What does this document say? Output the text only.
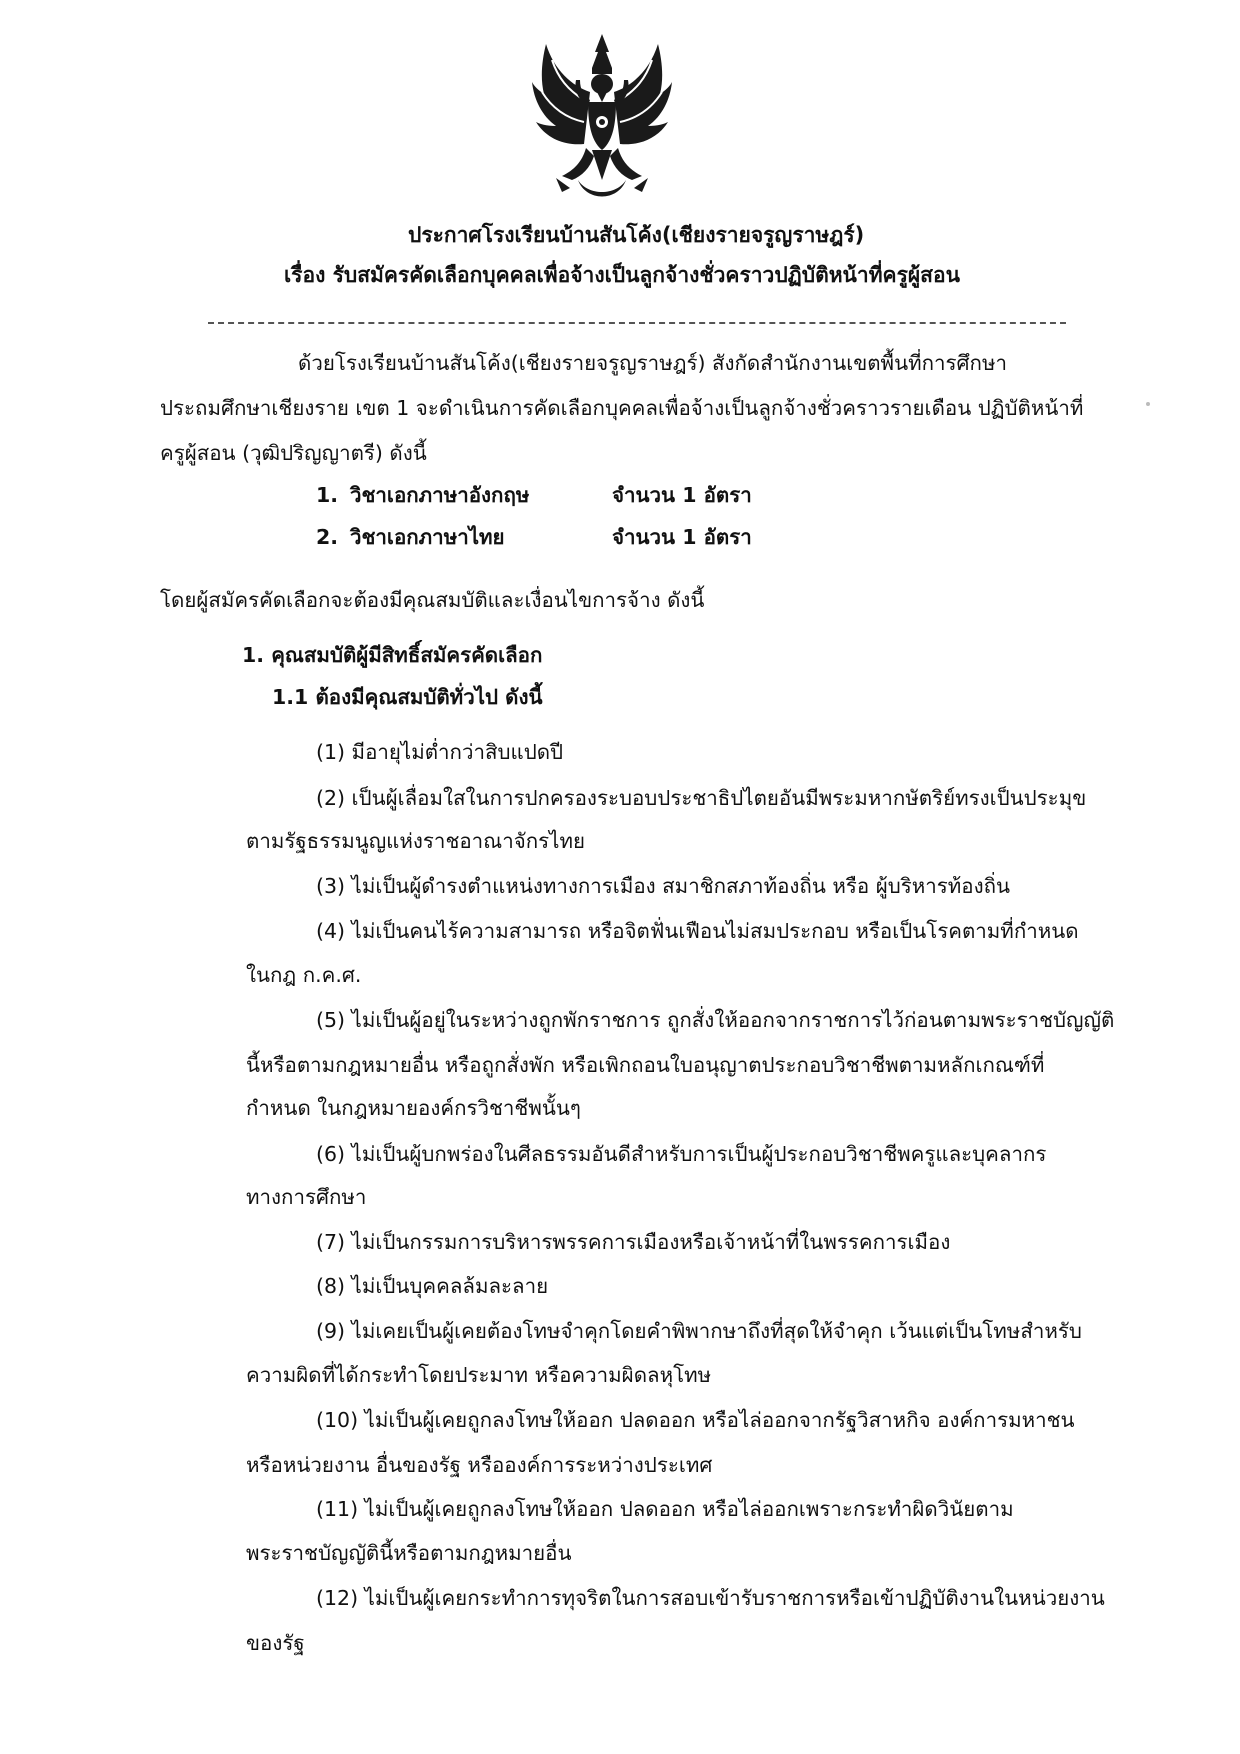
ประกาศโรงเรียนบ้านสันโค้ง(เชียงรายจรูญราษฎร์)
เรื่อง รับสมัครคัดเลือกบุคคลเพื่อจ้างเป็นลูกจ้างชั่วคราวปฏิบัติหน้าที่ครูผู้สอน
ด้วยโรงเรียนบ้านสันโค้ง(เชียงรายจรูญราษฎร์) สังกัดสำนักงานเขตพื้นที่การศึกษา
ประถมศึกษาเชียงราย เขต 1 จะดำเนินการคัดเลือกบุคคลเพื่อจ้างเป็นลูกจ้างชั่วคราวรายเดือน ปฏิบัติหน้าที่
ครูผู้สอน (วุฒิปริญญาตรี) ดังนี้
1. วิชาเอกภาษาอังกฤษ	จำนวน 1 อัตรา
2. วิชาเอกภาษาไทย	จำนวน 1 อัตรา
โดยผู้สมัครคัดเลือกจะต้องมีคุณสมบัติและเงื่อนไขการจ้าง ดังนี้
1. คุณสมบัติผู้มีสิทธิ์สมัครคัดเลือก
1.1 ต้องมีคุณสมบัติทั่วไป ดังนี้
(1) มีอายุไม่ต่ำกว่าสิบแปดปี
(2) เป็นผู้เลื่อมใสในการปกครองระบอบประชาธิปไตยอันมีพระมหากษัตริย์ทรงเป็นประมุข
ตามรัฐธรรมนูญแห่งราชอาณาจักรไทย
(3) ไม่เป็นผู้ดำรงตำแหน่งทางการเมือง สมาชิกสภาท้องถิ่น หรือ ผู้บริหารท้องถิ่น
(4) ไม่เป็นคนไร้ความสามารถ หรือจิตฟั่นเฟือนไม่สมประกอบ หรือเป็นโรคตามที่กำหนด
ในกฎ ก.ค.ศ.
(5) ไม่เป็นผู้อยู่ในระหว่างถูกพักราชการ ถูกสั่งให้ออกจากราชการไว้ก่อนตามพระราชบัญญัติ
นี้หรือตามกฎหมายอื่น หรือถูกสั่งพัก หรือเพิกถอนใบอนุญาตประกอบวิชาชีพตามหลักเกณฑ์ที่
กำหนด ในกฎหมายองค์กรวิชาชีพนั้นๆ
(6) ไม่เป็นผู้บกพร่องในศีลธรรมอันดีสำหรับการเป็นผู้ประกอบวิชาชีพครูและบุคลากร
ทางการศึกษา
(7) ไม่เป็นกรรมการบริหารพรรคการเมืองหรือเจ้าหน้าที่ในพรรคการเมือง
(8) ไม่เป็นบุคคลล้มละลาย
(9) ไม่เคยเป็นผู้เคยต้องโทษจำคุกโดยคำพิพากษาถึงที่สุดให้จำคุก เว้นแต่เป็นโทษสำหรับ
ความผิดที่ได้กระทำโดยประมาท หรือความผิดลหุโทษ
(10) ไม่เป็นผู้เคยถูกลงโทษให้ออก ปลดออก หรือไล่ออกจากรัฐวิสาหกิจ องค์การมหาชน
หรือหน่วยงาน อื่นของรัฐ หรือองค์การระหว่างประเทศ
(11) ไม่เป็นผู้เคยถูกลงโทษให้ออก ปลดออก หรือไล่ออกเพราะกระทำผิดวินัยตาม
พระราชบัญญัตินี้หรือตามกฎหมายอื่น
(12) ไม่เป็นผู้เคยกระทำการทุจริตในการสอบเข้ารับราชการหรือเข้าปฏิบัติงานในหน่วยงาน
ของรัฐ
